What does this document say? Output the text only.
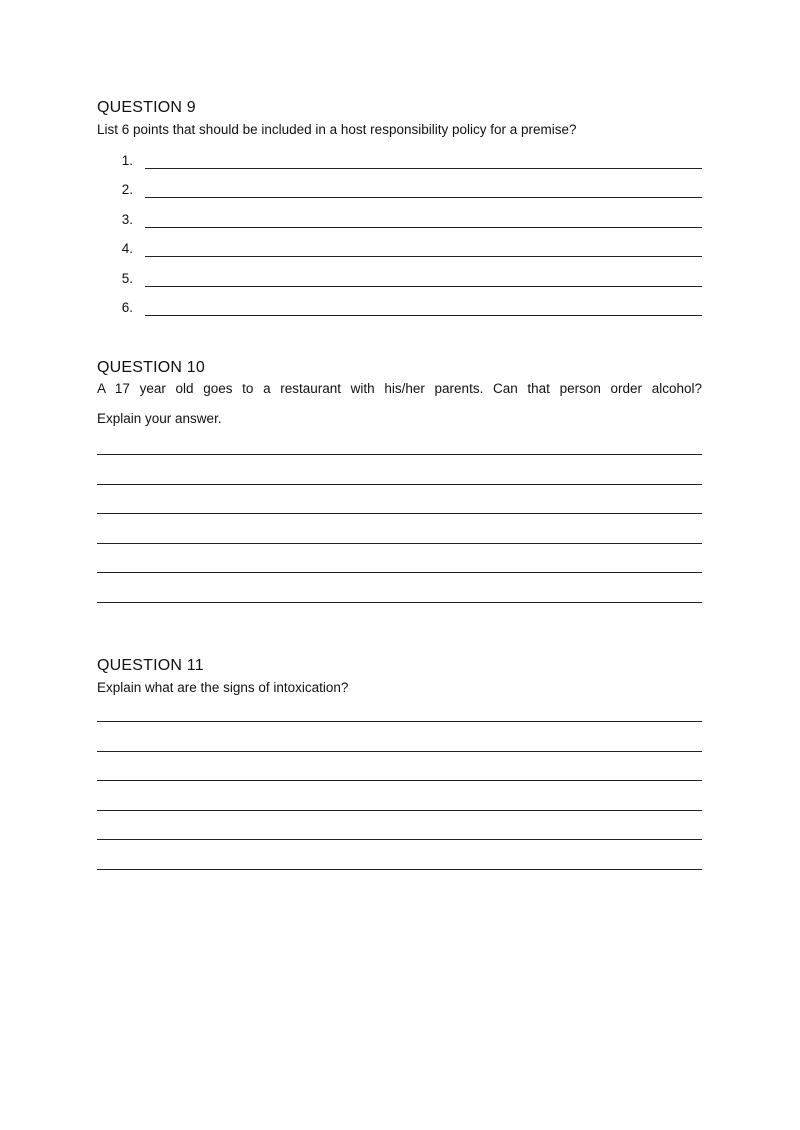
QUESTION 9

List 6 points that should be included in a host responsibility policy for a premise?

1.
2.
3.
4.
5.
6.
QUESTION 10

A 17 year old goes to a restaurant with his/her parents. Can that person order alcohol?

Explain your answer.

QUESTION 11

Explain what are the signs of intoxication?
